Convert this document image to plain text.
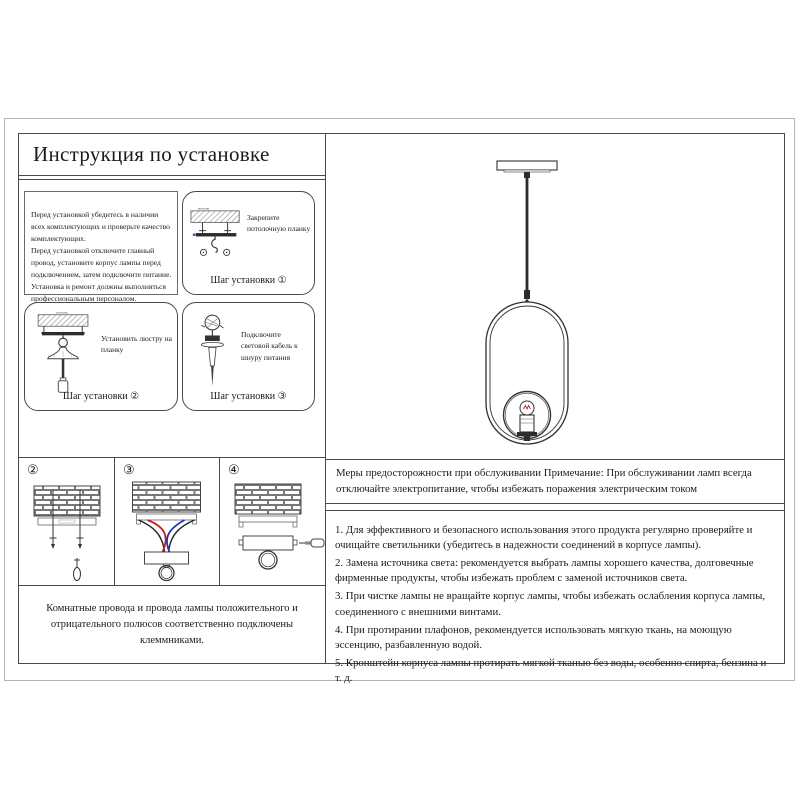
Инструкция по установке

Перед установкой убедитесь в наличии всех комплектующих и проверьте качество комплектующих.
Перед установкой отключите главный провод, установите корпус лампы перед подключением, затем подключите питание.
Установка и ремонт должны выполняться профессиональным персоналом.

потолок
Закрепите потолочную планку
Шаг установки ①
потолок
Установить люстру на планку
Шаг установки ②
Подключите световой кабель к шнуру питания
Шаг установки ③
②	③	④
Комнатные провода и провода лампы положительного и отрицательного полюсов соответственно подключены клеммниками.
Меры предосторожности при обслуживании Примечание: При обслуживании ламп всегда отключайте электропитание, чтобы избежать поражения электрическим током

1. Для эффективного и безопасного использования этого продукта регулярно проверяйте и очищайте светильники (убедитесь в надежности соединений в корпусе лампы).

2. Замена источника света: рекомендуется выбрать лампы хорошего качества, долговечные фирменные продукты, чтобы избежать проблем с заменой источников света.

3. При чистке лампы не вращайте корпус лампы, чтобы избежать ослабления корпуса лампы, соединенного с внешними винтами.

4. При протирании плафонов, рекомендуется использовать мягкую ткань, на моющую эссенцию, разбавленную водой.

5. Кронштейн корпуса лампы протирать мягкой тканью без воды, особенно спирта, бензина и т. д.
